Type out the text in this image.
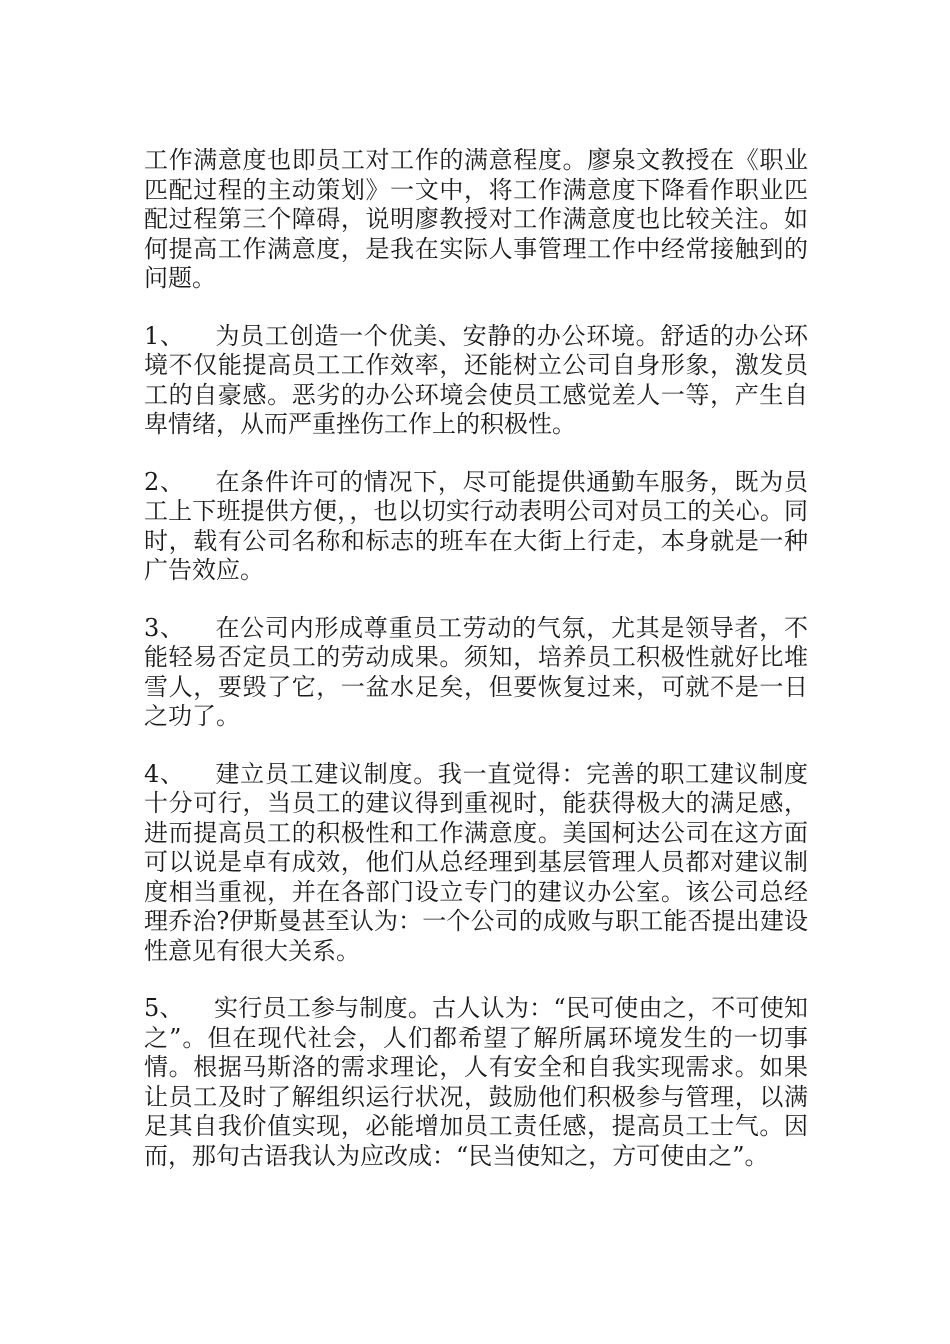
工作满意度也即员工对工作的满意程度。廖泉文教授在《职业匹配过程的主动策划》一文中，将工作满意度下降看作职业匹配过程第三个障碍，说明廖教授对工作满意度也比较关注。如何提高工作满意度，是我在实际人事管理工作中经常接触到的问题。

1、 为员工创造一个优美、安静的办公环境。舒适的办公环境不仅能提高员工工作效率，还能树立公司自身形象，激发员工的自豪感。恶劣的办公环境会使员工感觉差人一等，产生自卑情绪，从而严重挫伤工作上的积极性。

2、 在条件许可的情况下，尽可能提供通勤车服务，既为员工上下班提供方便，，也以切实行动表明公司对员工的关心。同时，载有公司名称和标志的班车在大街上行走，本身就是一种广告效应。

3、 在公司内形成尊重员工劳动的气氛，尤其是领导者，不能轻易否定员工的劳动成果。须知，培养员工积极性就好比堆雪人，要毁了它，一盆水足矣，但要恢复过来，可就不是一日之功了。

4、 建立员工建议制度。我一直觉得：完善的职工建议制度十分可行，当员工的建议得到重视时，能获得极大的满足感，进而提高员工的积极性和工作满意度。美国柯达公司在这方面可以说是卓有成效，他们从总经理到基层管理人员都对建议制度相当重视，并在各部门设立专门的建议办公室。该公司总经理乔治?伊斯曼甚至认为：一个公司的成败与职工能否提出建设性意见有很大关系。

5、 实行员工参与制度。古人认为：“民可使由之，不可使知之”。但在现代社会，人们都希望了解所属环境发生的一切事情。根据马斯洛的需求理论，人有安全和自我实现需求。如果让员工及时了解组织运行状况，鼓励他们积极参与管理，以满足其自我价值实现，必能增加员工责任感，提高员工士气。因而，那句古语我认为应改成：“民当使知之，方可使由之”。
